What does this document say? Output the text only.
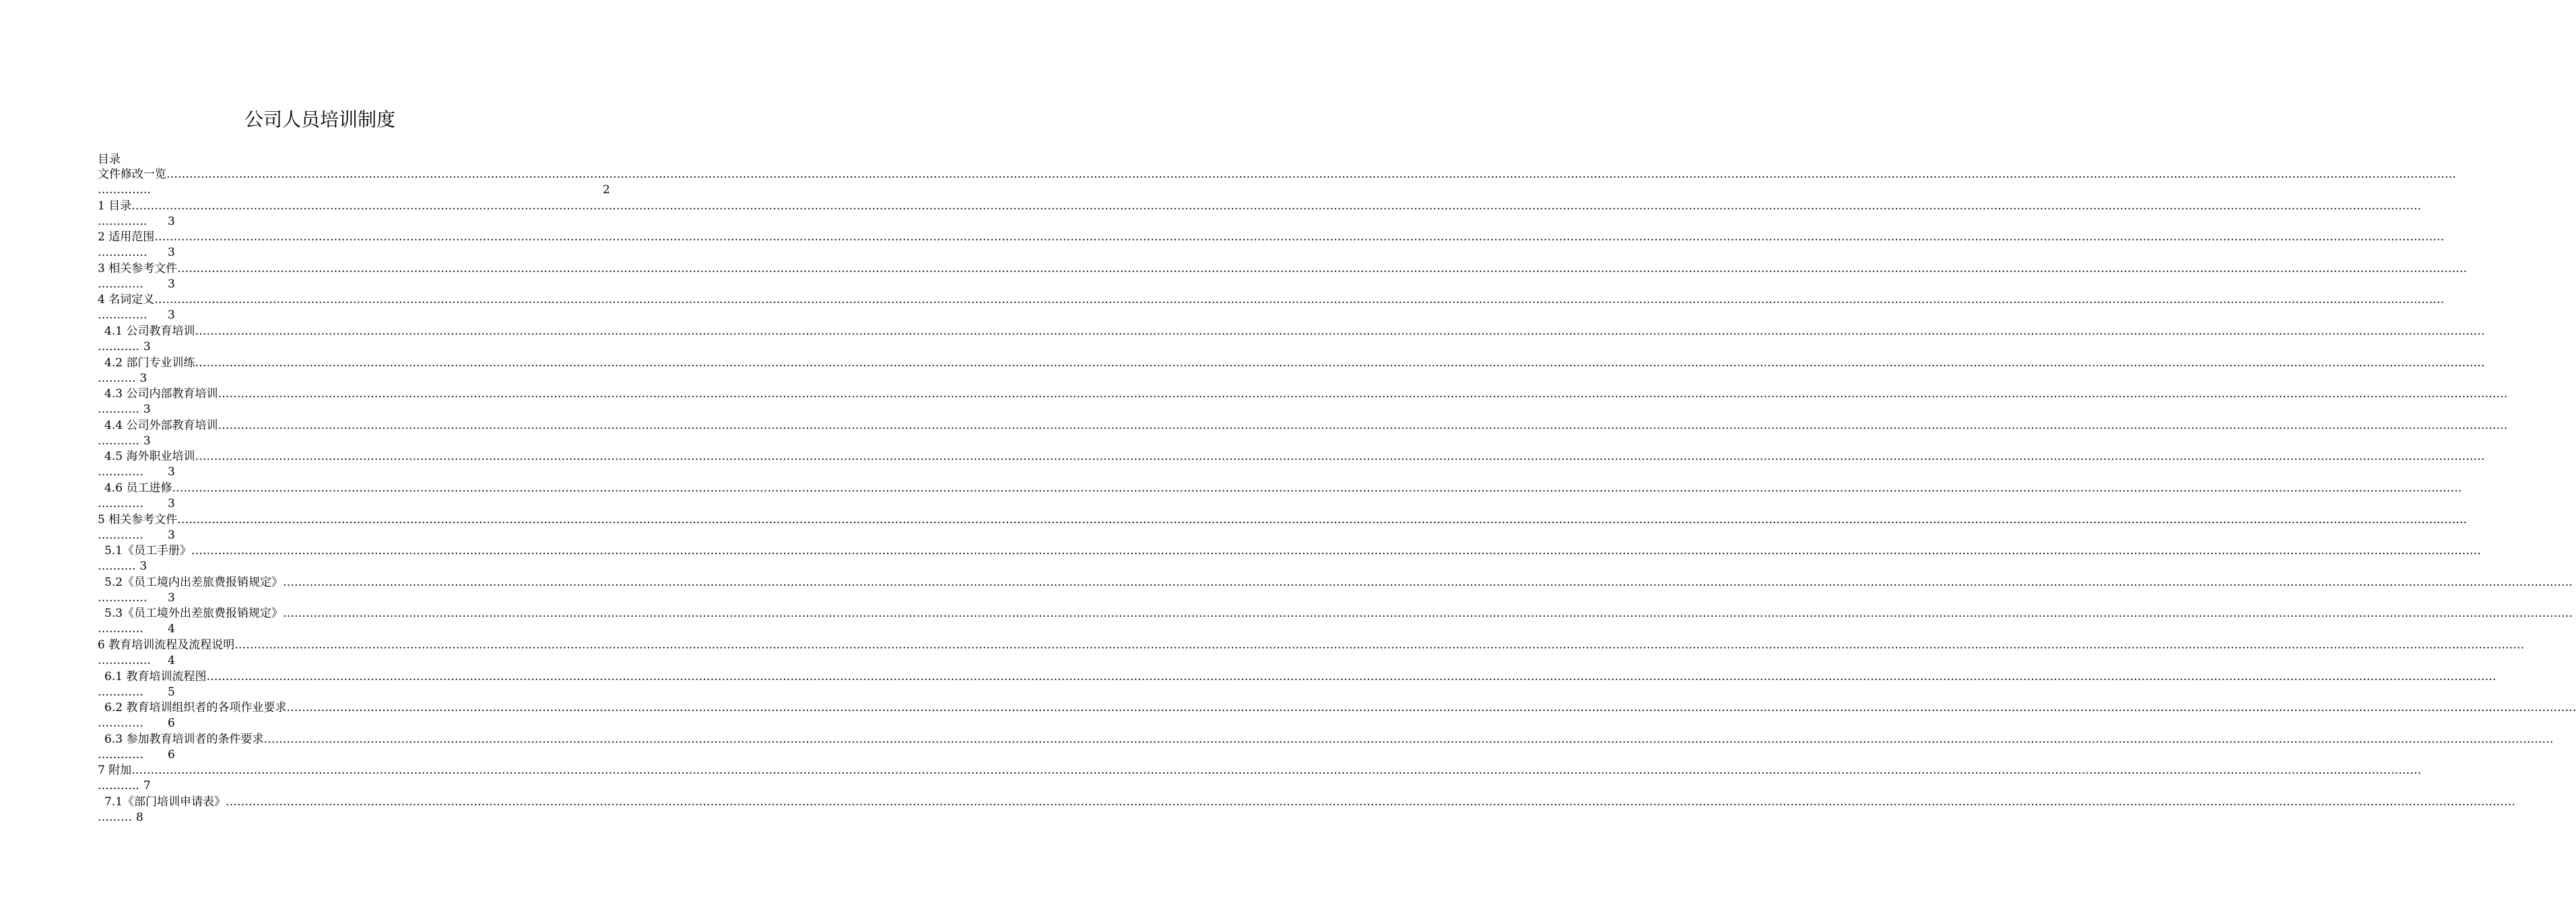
公司人员培训制度
目录
文件修改一览 ……………………………………………………………………………………………………………………………………………………………………………………………………………………………………………………………………………………………………………………………………………………………………………………………………………………………………………………………………………………………………………………………………………………
…………..	2
1 目录 ……………………………………………………………………………………………………………………………………………………………………………………………………………………………………………………………………………………………………………………………………………………………………………………………………………………………………………………………………………………………………………………………………………………
…………. 3
2 适用范围 ……………………………………………………………………………………………………………………………………………………………………………………………………………………………………………………………………………………………………………………………………………………………………………………………………………………………………………………………………………………………………………………………………………………
…………. 3
3 相关参考文件 ……………………………………………………………………………………………………………………………………………………………………………………………………………………………………………………………………………………………………………………………………………………………………………………………………………………………………………………………………………………………………………………………………………………
………… 3
4 名词定义 ……………………………………………………………………………………………………………………………………………………………………………………………………………………………………………………………………………………………………………………………………………………………………………………………………………………………………………………………………………………………………………………………………………………
…………. 3
4.1 公司教育培训 ……………………………………………………………………………………………………………………………………………………………………………………………………………………………………………………………………………………………………………………………………………………………………………………………………………………………………………………………………………………………………………………………………………………
……….. 3
4.2 部门专业训练 ……………………………………………………………………………………………………………………………………………………………………………………………………………………………………………………………………………………………………………………………………………………………………………………………………………………………………………………………………………………………………………………………………………………
………. 3
4.3 公司内部教育培训 ……………………………………………………………………………………………………………………………………………………………………………………………………………………………………………………………………………………………………………………………………………………………………………………………………………………………………………………………………………………………………………………………………………………
……….. 3
4.4 公司外部教育培训 ……………………………………………………………………………………………………………………………………………………………………………………………………………………………………………………………………………………………………………………………………………………………………………………………………………………………………………………………………………………………………………………………………………………
……….. 3
4.5 海外职业培训 ……………………………………………………………………………………………………………………………………………………………………………………………………………………………………………………………………………………………………………………………………………………………………………………………………………………………………………………………………………………………………………………………………………………
………… 3
4.6 员工进修 ……………………………………………………………………………………………………………………………………………………………………………………………………………………………………………………………………………………………………………………………………………………………………………………………………………………………………………………………………………………………………………………………………………………
………… 3
5 相关参考文件 ……………………………………………………………………………………………………………………………………………………………………………………………………………………………………………………………………………………………………………………………………………………………………………………………………………………………………………………………………………………………………………………………………………………
………… 3
5.1《员工手册》 ……………………………………………………………………………………………………………………………………………………………………………………………………………………………………………………………………………………………………………………………………………………………………………………………………………………………………………………………………………………………………………………………………………………
………. 3
5.2《员工境内出差旅费报销规定》 ……………………………………………………………………………………………………………………………………………………………………………………………………………………………………………………………………………………………………………………………………………………………………………………………………………………………………………………………………………………………………………………………………………………
…………. 3
5.3《员工境外出差旅费报销规定》 ……………………………………………………………………………………………………………………………………………………………………………………………………………………………………………………………………………………………………………………………………………………………………………………………………………………………………………………………………………………………………………………………………………………
………… 4
6 教育培训流程及流程说明 ……………………………………………………………………………………………………………………………………………………………………………………………………………………………………………………………………………………………………………………………………………………………………………………………………………………………………………………………………………………………………………………………………………………
………….. 4
6.1 教育培训流程图 ……………………………………………………………………………………………………………………………………………………………………………………………………………………………………………………………………………………………………………………………………………………………………………………………………………………………………………………………………………………………………………………………………………………
………… 5
6.2 教育培训组织者的各项作业要求 ……………………………………………………………………………………………………………………………………………………………………………………………………………………………………………………………………………………………………………………………………………………………………………………………………………………………………………………………………………………………………………………………………………………
………… 6
6.3 参加教育培训者的条件要求 ……………………………………………………………………………………………………………………………………………………………………………………………………………………………………………………………………………………………………………………………………………………………………………………………………………………………………………………………………………………………………………………………………………………
………… 6
7 附加 ……………………………………………………………………………………………………………………………………………………………………………………………………………………………………………………………………………………………………………………………………………………………………………………………………………………………………………………………………………………………………………………………………………………
……….. 7
7.1《部门培训申请表》 ……………………………………………………………………………………………………………………………………………………………………………………………………………………………………………………………………………………………………………………………………………………………………………………………………………………………………………………………………………………………………………………………………………………
……… 8
